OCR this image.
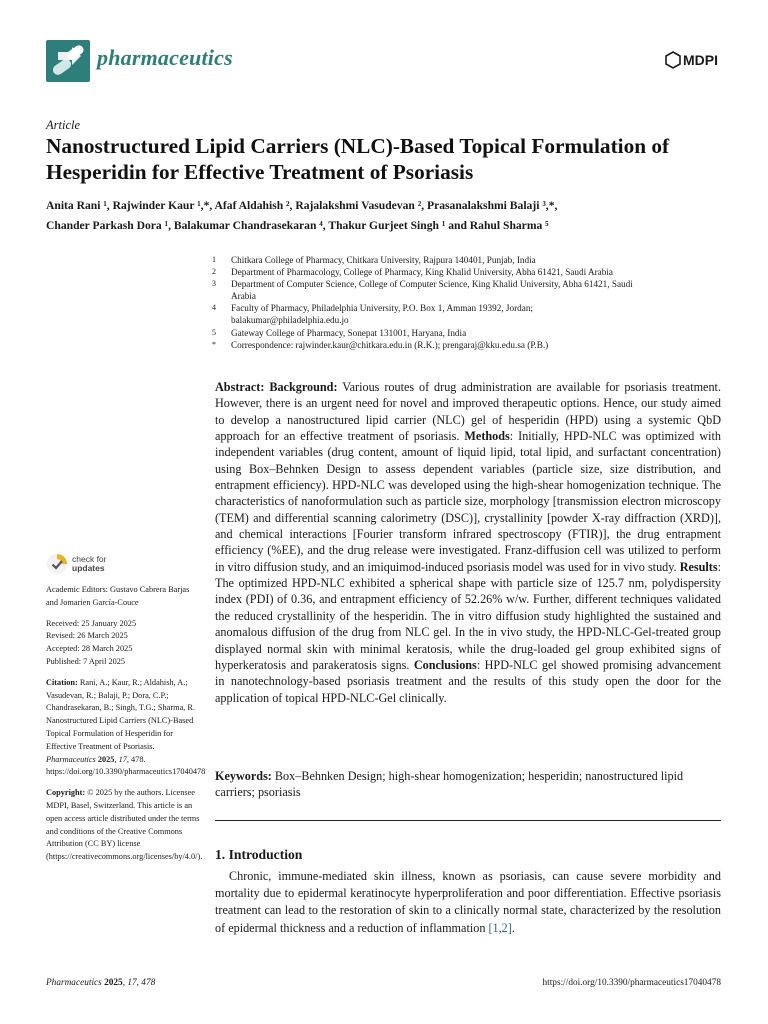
pharmaceutics	MDPI
Article
Nanostructured Lipid Carriers (NLC)-Based Topical Formulation of Hesperidin for Effective Treatment of Psoriasis
Anita Rani ¹, Rajwinder Kaur ¹,*, Afaf Aldahish ², Rajalakshmi Vasudevan ², Prasanalakshmi Balaji ³,*,
Chander Parkash Dora ¹, Balakumar Chandrasekaran ⁴, Thakur Gurjeet Singh ¹ and Rahul Sharma ⁵
1	Chitkara College of Pharmacy, Chitkara University, Rajpura 140401, Punjab, India
2	Department of Pharmacology, College of Pharmacy, King Khalid University, Abha 61421, Saudi Arabia
3	Department of Computer Science, College of Computer Science, King Khalid University, Abha 61421, Saudi Arabia
4	Faculty of Pharmacy, Philadelphia University, P.O. Box 1, Amman 19392, Jordan; balakumar@philadelphia.edu.jo
5	Gateway College of Pharmacy, Sonepat 131001, Haryana, India
*	Correspondence: rajwinder.kaur@chitkara.edu.in (R.K.); prengaraj@kku.edu.sa (P.B.)
Abstract: Background: Various routes of drug administration are available for psoriasis treatment. However, there is an urgent need for novel and improved therapeutic options. Hence, our study aimed to develop a nanostructured lipid carrier (NLC) gel of hesperidin (HPD) using a systemic QbD approach for an effective treatment of psoriasis. Methods: Initially, HPD-NLC was optimized with independent variables (drug content, amount of liquid lipid, total lipid, and surfactant concentration) using Box–Behnken Design to assess dependent variables (particle size, size distribution, and entrapment efficiency). HPD-NLC was developed using the high-shear homogenization technique. The characteristics of nanoformulation such as particle size, morphology [transmission electron microscopy (TEM) and differential scanning calorimetry (DSC)], crystallinity [powder X-ray diffraction (XRD)], and chemical interactions [Fourier transform infrared spectroscopy (FTIR)], the drug entrapment efficiency (%EE), and the drug release were investigated. Franz-diffusion cell was utilized to perform in vitro diffusion study, and an imiquimod-induced psoriasis model was used for in vivo study. Results: The optimized HPD-NLC exhibited a spherical shape with particle size of 125.7 nm, polydispersity index (PDI) of 0.36, and entrapment efficiency of 52.26% w/w. Further, different techniques validated the reduced crystallinity of the hesperidin. The in vitro diffusion study highlighted the sustained and anomalous diffusion of the drug from NLC gel. In the in vivo study, the HPD-NLC-Gel-treated group displayed normal skin with minimal keratosis, while the drug-loaded gel group exhibited signs of hyperkeratosis and parakeratosis signs. Conclusions: HPD-NLC gel showed promising advancement in nanotechnology-based psoriasis treatment and the results of this study open the door for the application of topical HPD-NLC-Gel clinically.
Keywords: Box–Behnken Design; high-shear homogenization; hesperidin; nanostructured lipid carriers; psoriasis
1. Introduction
Chronic, immune-mediated skin illness, known as psoriasis, can cause severe morbidity and mortality due to epidermal keratinocyte hyperproliferation and poor differentiation. Effective psoriasis treatment can lead to the restoration of skin to a clinically normal state, characterized by the resolution of epidermal thickness and a reduction of inflammation [1,2].
check for
updates

Academic Editors: Gustavo Cabrera Barjas and Jomarien García-Couce

Received: 25 January 2025

Revised: 26 March 2025

Accepted: 28 March 2025

Published: 7 April 2025

Citation: Rani, A.; Kaur, R.; Aldahish, A.; Vasudevan, R.; Balaji, P.; Dora, C.P.; Chandrasekaran, B.; Singh, T.G.; Sharma, R. Nanostructured Lipid Carriers (NLC)-Based Topical Formulation of Hesperidin for Effective Treatment of Psoriasis. Pharmaceutics 2025, 17, 478. https://doi.org/10.3390/pharmaceutics17040478

Copyright: © 2025 by the authors. Licensee MDPI, Basel, Switzerland. This article is an open access article distributed under the terms and conditions of the Creative Commons Attribution (CC BY) license (https://creativecommons.org/licenses/by/4.0/).

Pharmaceutics 2025, 17, 478	https://doi.org/10.3390/pharmaceutics17040478
